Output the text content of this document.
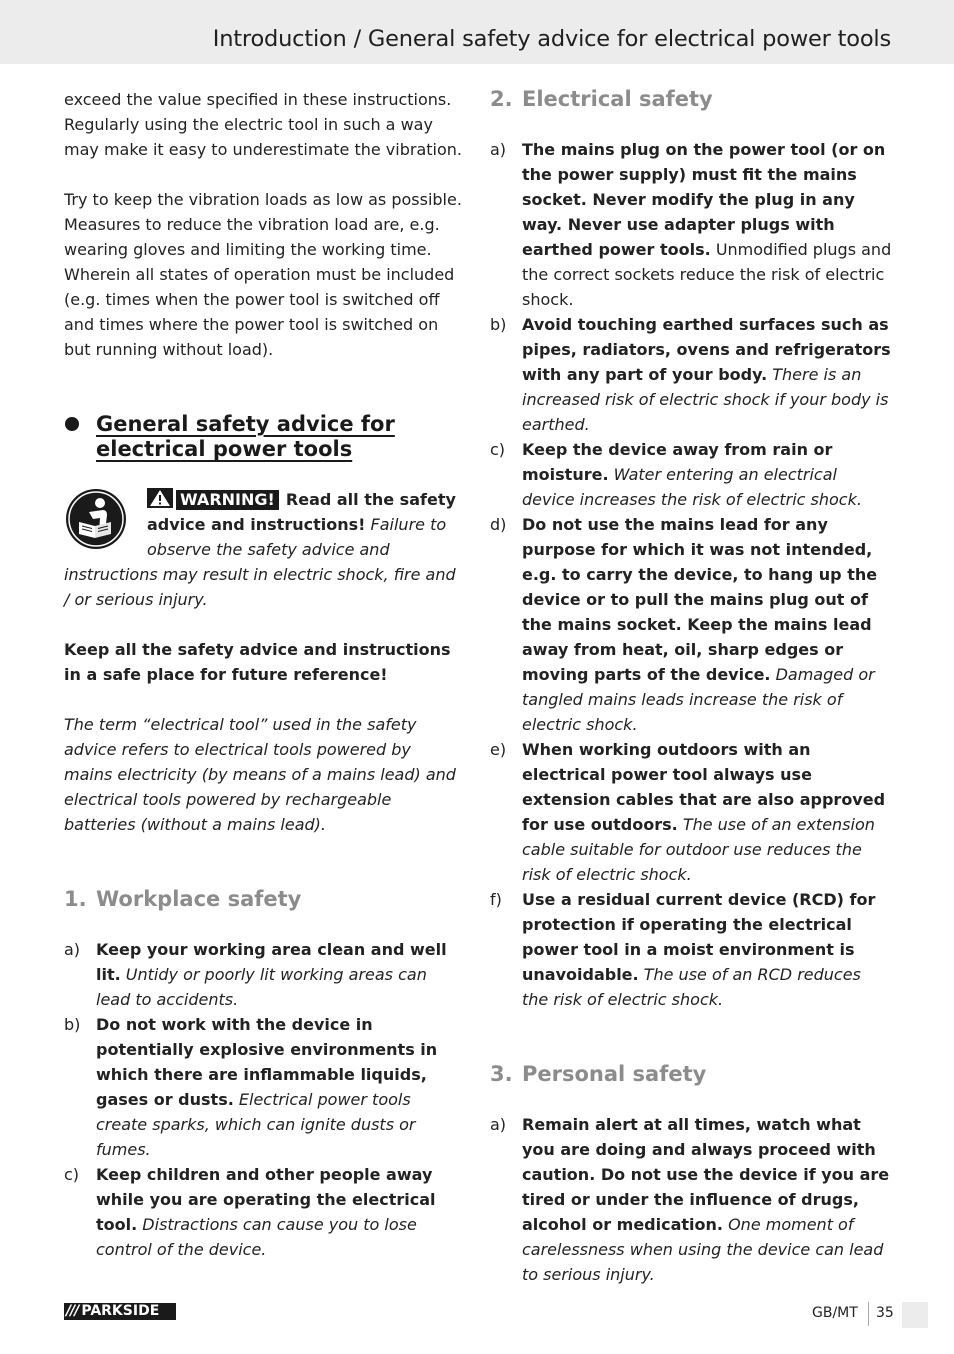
Introduction / General safety advice for electrical power tools

exceed the value specified in these instructions. Regularly using the electric tool in such a way may make it easy to underestimate the vibration.

Try to keep the vibration loads as low as possible. Measures to reduce the vibration load are, e.g. wearing gloves and limiting the working time. Wherein all states of operation must be included (e.g. times when the power tool is switched off and times where the power tool is switched on but running without load).

General safety advice for electrical power tools

WARNING! Read all the safety advice and instructions! Failure to observe the safety advice and instructions may result in electric shock, fire and / or serious injury.

Keep all the safety advice and instructions in a safe place for future reference!

The term “electrical tool” used in the safety advice refers to electrical tools powered by mains electricity (by means of a mains lead) and electrical tools powered by rechargeable batteries (without a mains lead).

1. Workplace safety
a) Keep your working area clean and well lit. Untidy or poorly lit working areas can lead to accidents.
b) Do not work with the device in potentially explosive environments in which there are inflammable liquids, gases or dusts. Electrical power tools create sparks, which can ignite dusts or fumes.
c) Keep children and other people away while you are operating the electrical tool. Distractions can cause you to lose control of the device.
2. Electrical safety
a) The mains plug on the power tool (or on the power supply) must fit the mains socket. Never modify the plug in any way. Never use adapter plugs with earthed power tools. Unmodified plugs and the correct sockets reduce the risk of electric shock.
b) Avoid touching earthed surfaces such as pipes, radiators, ovens and refrigerators with any part of your body. There is an increased risk of electric shock if your body is earthed.
c) Keep the device away from rain or moisture. Water entering an electrical device increases the risk of electric shock.
d) Do not use the mains lead for any purpose for which it was not intended, e.g. to carry the device, to hang up the device or to pull the mains plug out of the mains socket. Keep the mains lead away from heat, oil, sharp edges or moving parts of the device. Damaged or tangled mains leads increase the risk of electric shock.
e) When working outdoors with an electrical power tool always use extension cables that are also approved for use outdoors. The use of an extension cable suitable for outdoor use reduces the risk of electric shock.
f) Use a residual current device (RCD) for protection if operating the electrical power tool in a moist environment is unavoidable. The use of an RCD reduces the risk of electric shock.
3. Personal safety
a) Remain alert at all times, watch what you are doing and always proceed with caution. Do not use the device if you are tired or under the influence of drugs, alcohol or medication. One moment of carelessness when using the device can lead to serious injury.
/// PARKSIDE	GB/MT 35
